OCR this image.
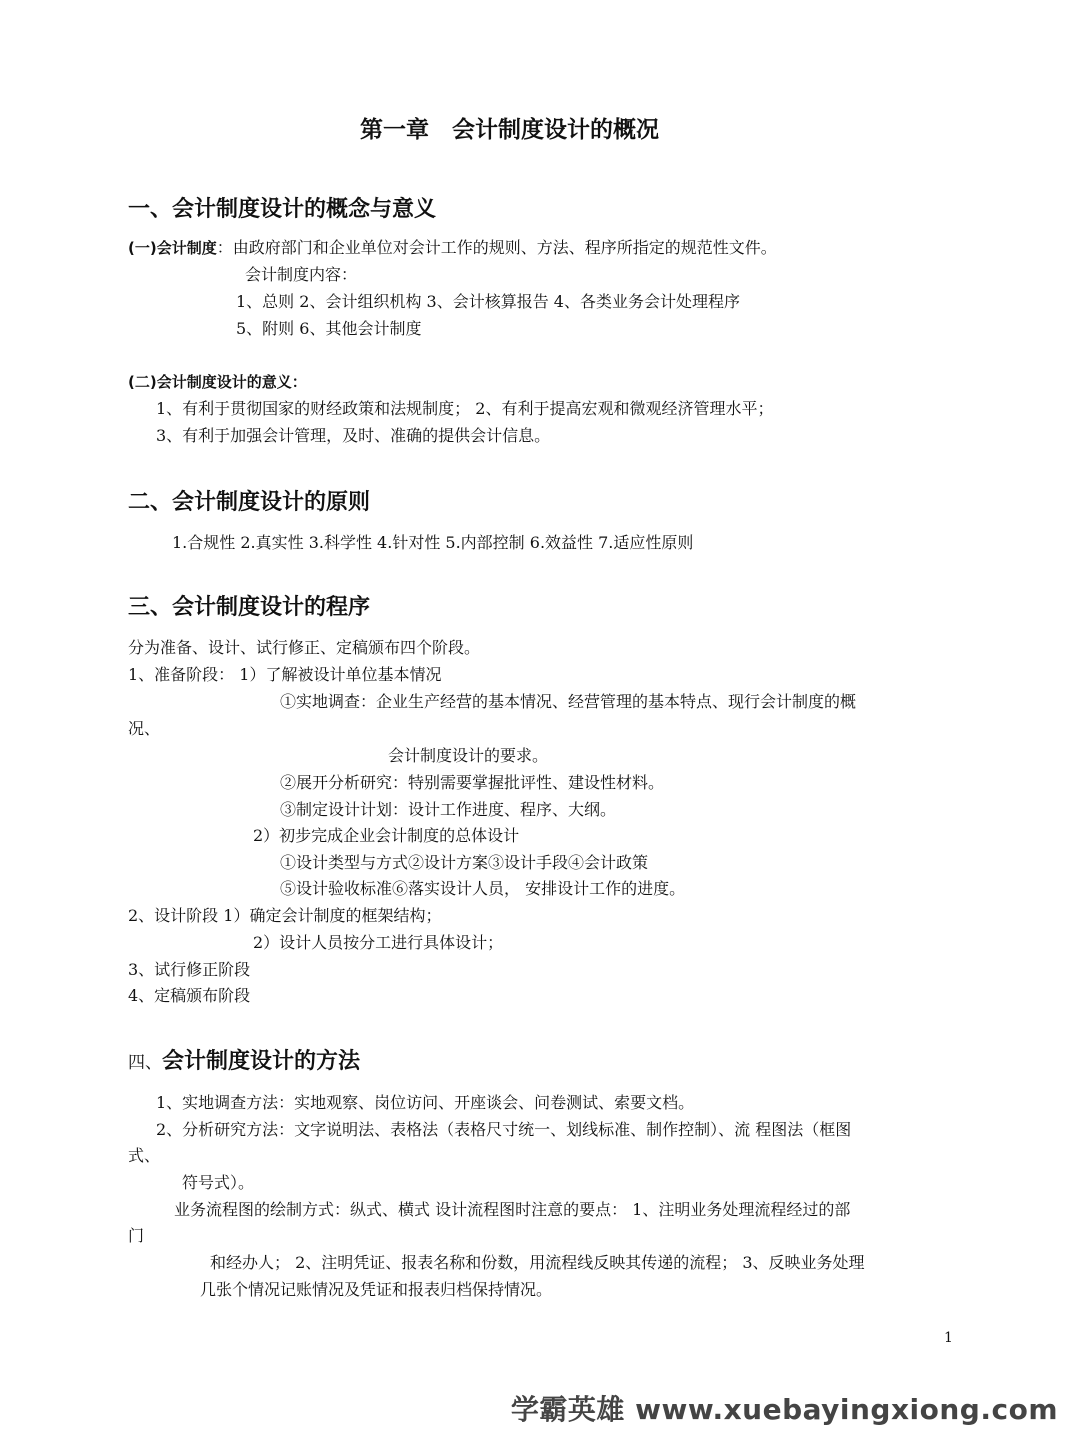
第一章　会计制度设计的概况
一、会计制度设计的概念与意义
(一)会计制度：由政府部门和企业单位对会计工作的规则、方法、程序所指定的规范性文件。
会计制度内容：
1、总则 2、会计组织机构 3、会计核算报告 4、各类业务会计处理程序
5、附则 6、其他会计制度
(二)会计制度设计的意义：
1、有利于贯彻国家的财经政策和法规制度； 2、有利于提高宏观和微观经济管理水平；
3、有利于加强会计管理，及时、准确的提供会计信息。
二、会计制度设计的原则
1.合规性 2.真实性 3.科学性 4.针对性 5.内部控制 6.效益性 7.适应性原则
三、会计制度设计的程序
分为准备、设计、试行修正、定稿颁布四个阶段。
1、准备阶段： 1）了解被设计单位基本情况
①实地调查：企业生产经营的基本情况、经营管理的基本特点、现行会计制度的概
况、
会计制度设计的要求。
②展开分析研究：特别需要掌握批评性、建设性材料。
③制定设计计划：设计工作进度、程序、大纲。
2）初步完成企业会计制度的总体设计
①设计类型与方式②设计方案③设计手段④会计政策
⑤设计验收标准⑥落实设计人员， 安排设计工作的进度。
2、设计阶段 1）确定会计制度的框架结构；
2）设计人员按分工进行具体设计；
3、试行修正阶段
4、定稿颁布阶段
四、会计制度设计的方法
1、实地调查方法：实地观察、岗位访问、开座谈会、问卷测试、索要文档。
2、分析研究方法：文字说明法、表格法（表格尺寸统一、划线标准、制作控制）、流 程图法（框图
式、
符号式）。
业务流程图的绘制方式：纵式、横式 设计流程图时注意的要点： 1、注明业务处理流程经过的部
门
和经办人； 2、注明凭证、报表名称和份数，用流程线反映其传递的流程； 3、反映业务处理
几张个情况记账情况及凭证和报表归档保持情况。
1
学霸英雄 www.xuebayingxiong.com
